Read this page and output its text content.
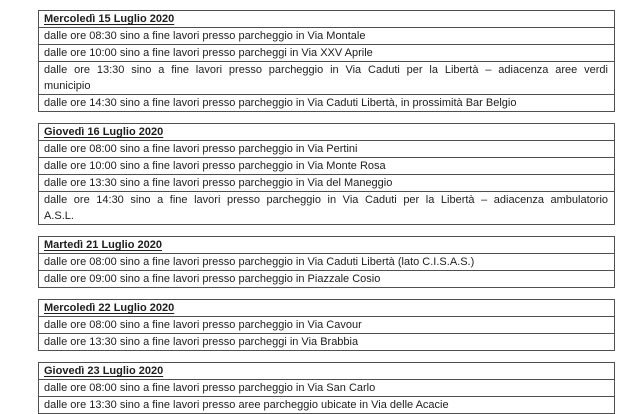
Mercoledì 15 Luglio 2020
dalle ore 08:30 sino a fine lavori presso parcheggio in Via Montale
dalle ore 10:00 sino a fine lavori presso parcheggi in Via XXV Aprile
dalle ore 13:30 sino a fine lavori presso parcheggio in Via Caduti per la Libertà – adiacenza aree verdi
municipio
dalle ore 14:30 sino a fine lavori presso parcheggio in Via Caduti Libertà, in prossimità Bar Belgio
Giovedì 16 Luglio 2020
dalle ore 08:00 sino a fine lavori presso parcheggio in Via Pertini
dalle ore 10:00 sino a fine lavori presso parcheggio in Via Monte Rosa
dalle ore 13:30 sino a fine lavori presso parcheggio in Via del Maneggio
dalle ore 14:30 sino a fine lavori presso parcheggio in Via Caduti per la Libertà – adiacenza ambulatorio
A.S.L.
Martedì 21 Luglio 2020
dalle ore 08:00 sino a fine lavori presso parcheggio in Via Caduti Libertà (lato C.I.S.A.S.)
dalle ore 09:00 sino a fine lavori presso parcheggio in Piazzale Cosio
Mercoledì 22 Luglio 2020
dalle ore 08:00 sino a fine lavori presso parcheggio in Via Cavour
dalle ore 13:30 sino a fine lavori presso parcheggi in Via Brabbia
Giovedì 23 Luglio 2020
dalle ore 08:00 sino a fine lavori presso parcheggio in Via San Carlo
dalle ore 13:30 sino a fine lavori presso aree parcheggio ubicate in Via delle Acacie
